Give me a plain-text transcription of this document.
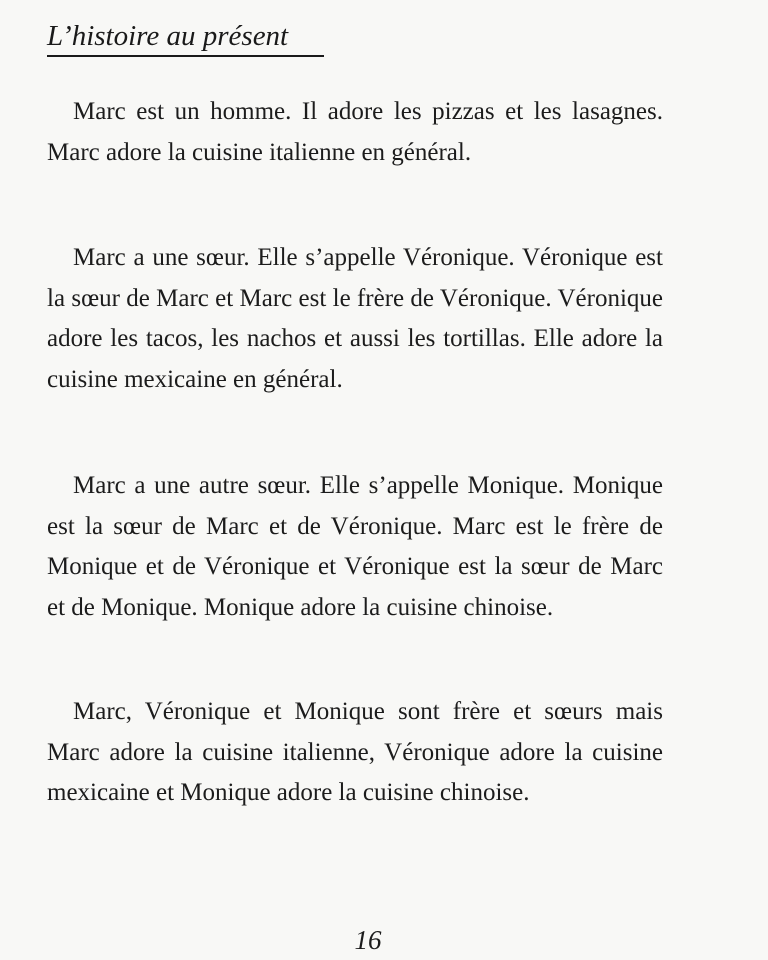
L’histoire au présent

Marc est un homme. Il adore les pizzas et les lasagnes. Marc adore la cuisine italienne en général.

Marc a une sœur. Elle s’appelle Véronique. Véronique est la sœur de Marc et Marc est le frère de Véronique. Véronique adore les tacos, les nachos et aussi les tortillas. Elle adore la cuisine mexicaine en général.

Marc a une autre sœur. Elle s’appelle Monique. Monique est la sœur de Marc et de Véronique. Marc est le frère de Monique et de Véronique et Véronique est la sœur de Marc et de Monique. Monique adore la cuisine chinoise.

Marc, Véronique et Monique sont frère et sœurs mais Marc adore la cuisine italienne, Véronique adore la cuisine mexicaine et Monique adore la cuisine chinoise.

16
